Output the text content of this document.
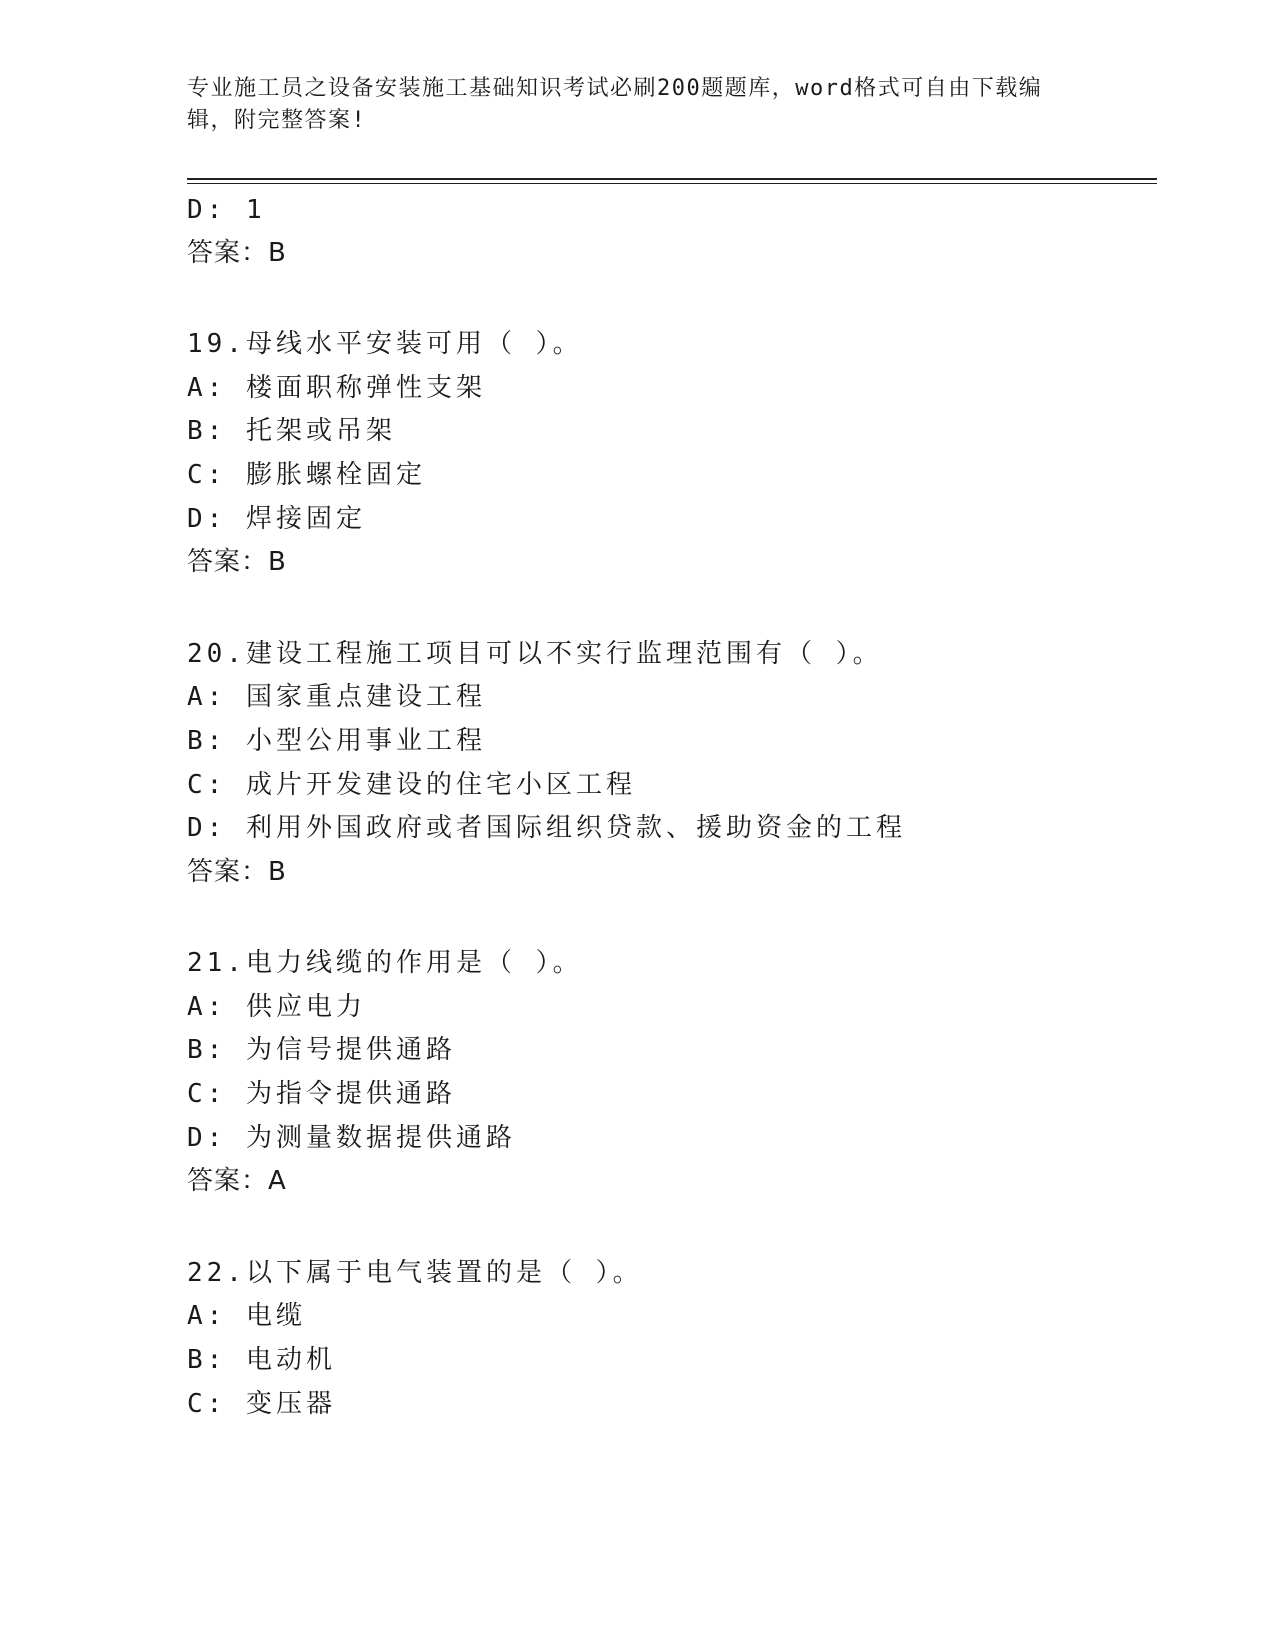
专业施工员之设备安装施工基础知识考试必刷200题题库，word格式可自由下载编辑，附完整答案!
D: 1
答案：B
19.母线水平安装可用（ ）。
A: 楼面职称弹性支架
B: 托架或吊架
C: 膨胀螺栓固定
D: 焊接固定
答案：B
20.建设工程施工项目可以不实行监理范围有（ ）。
A: 国家重点建设工程
B: 小型公用事业工程
C: 成片开发建设的住宅小区工程
D: 利用外国政府或者国际组织贷款、援助资金的工程
答案：B
21.电力线缆的作用是（ ）。
A: 供应电力
B: 为信号提供通路
C: 为指令提供通路
D: 为测量数据提供通路
答案：A
22.以下属于电气装置的是（ ）。
A: 电缆
B: 电动机
C: 变压器
